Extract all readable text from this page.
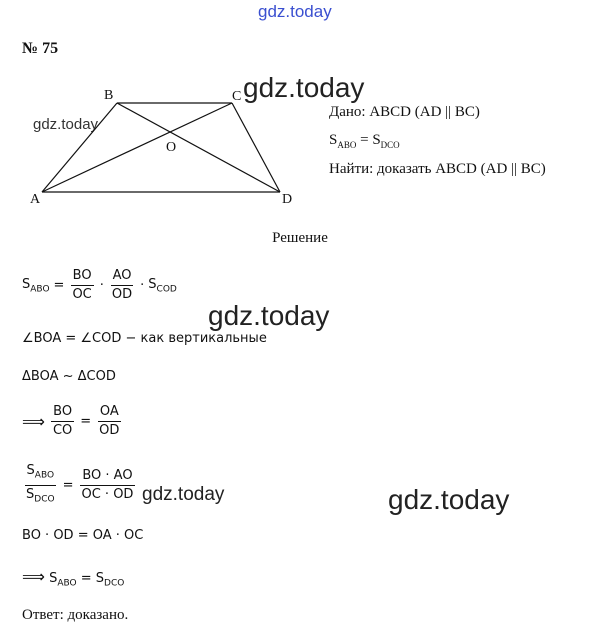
gdz.today
gdz.today
gdz.today
gdz.today
gdz.today	gdz.today
№ 75
A
B	C
D
O
Дано: ABCD (AD || BC)
$S_{ABO} = S_{DCO}$
Найти: доказать ABCD (AD || BC)
Решение
$S_{ABO} = \frac{BO}{OC} \cdot \frac{AO}{OD} \cdot S_{COD}$
∠BOA = ∠COD − как вертикальные
ΔBOA ~ ΔCOD
⟹ $\frac{BO}{CO} = \frac{OA}{OD}$
$\frac{S_{ABO}}{S_{DCO}} = \frac{BO \cdot AO}{OC \cdot OD}$
BO · OD = OA · OC
⟹ $S_{ABO} = S_{DCO}$
Ответ: доказано.
